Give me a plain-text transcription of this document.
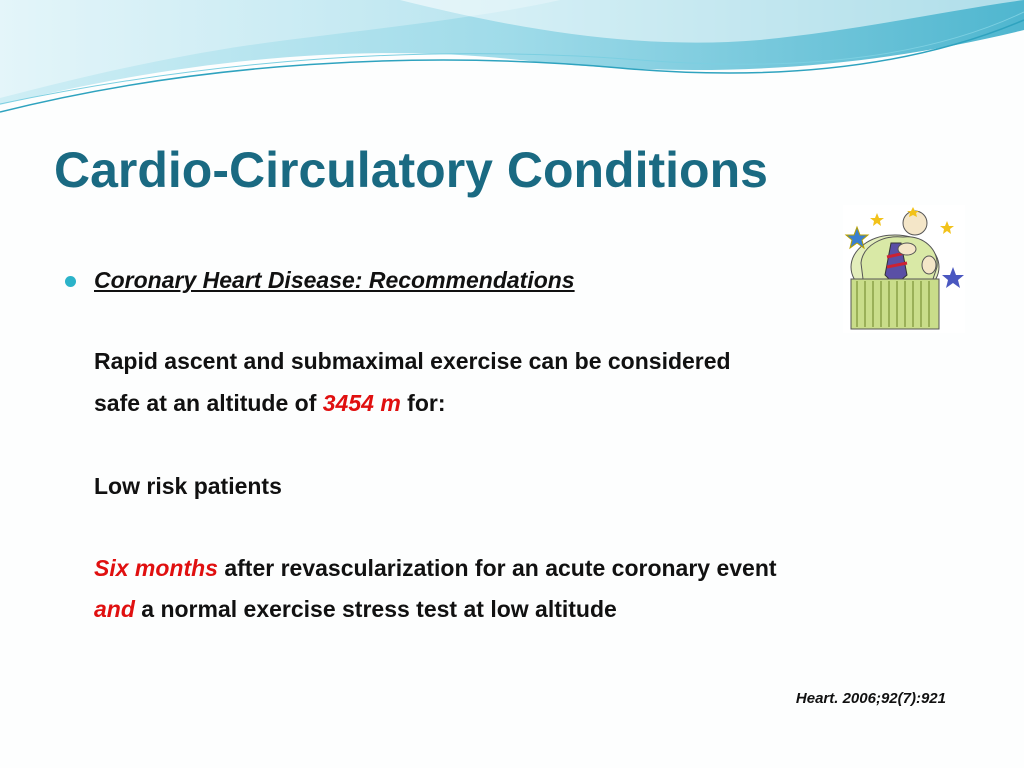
Cardio-Circulatory Conditions
Coronary Heart Disease: Recommendations
Rapid ascent and submaximal exercise can be considered
safe at an altitude of 3454 m for:
Low risk patients
Six months after revascularization for an acute coronary event
and a normal exercise stress test at low altitude
Heart. 2006;92(7):921
